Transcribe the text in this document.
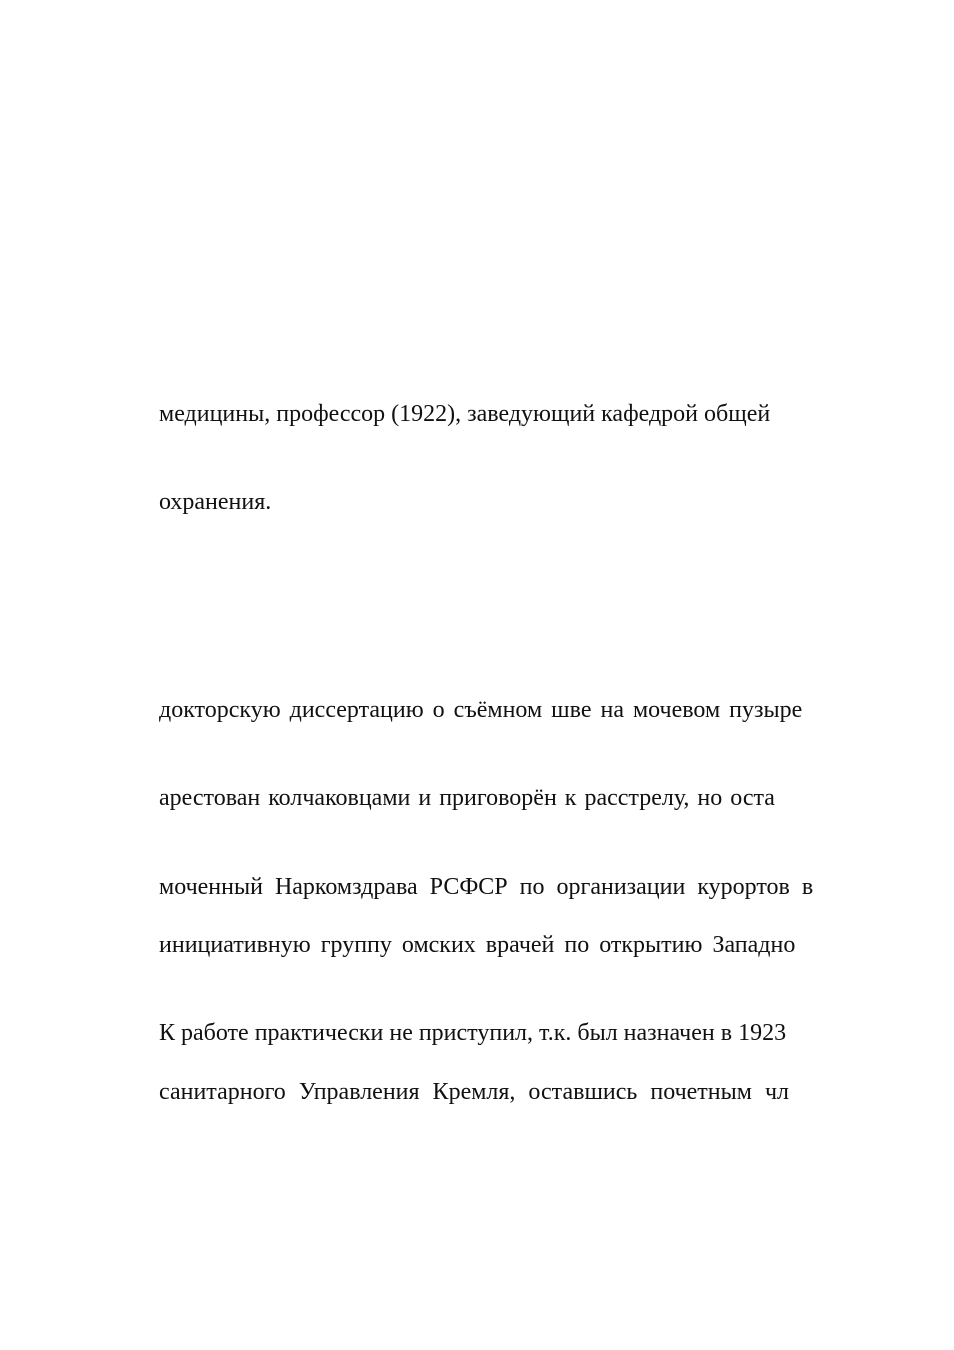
медицины, профессор (1922), заведующий кафедрой общей
охранения.
докторскую диссертацию о съёмном шве на мочевом пузыре
арестован колчаковцами и приговорён к расстрелу, но оста
моченный Наркомздрава РСФСР по организации курортов в
инициативную группу омских врачей по открытию Западно
К работе практически не приступил, т.к. был назначен в 1923
санитарного Управления Кремля, оставшись почетным чл
